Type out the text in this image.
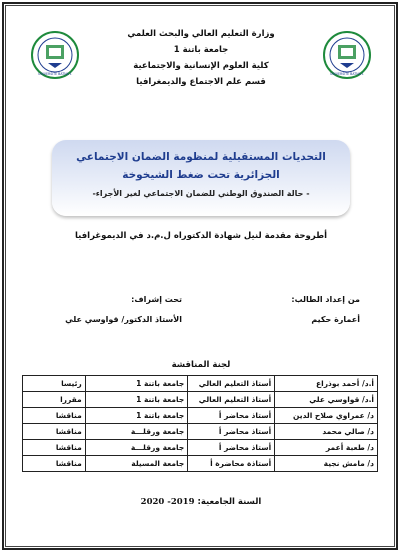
UNIVERSITE BATNA 1	UNIVERSITE BATNA 1
وزارة التعليم العالي والبحث العلمي
جامعة باتنة 1
كلية العلوم الإنسانية والاجتماعية
قسم علم الاجتماع والديمغرافيا
التحديات المستقبلية لمنظومة الضمان الاجتماعي
الجزائرية تحت ضغط الشيخوخة
- حالة الصندوق الوطني للضمان الاجتماعي لغير الأجراء-
أطروحة مقدمة لنيل شهادة الدكتوراه ل.م.د في الديموغرافيا
من إعداد الطالب:
أعمارة حكيم
تحت إشراف:
الأستاذ الدكتور/ قواوسي علي
لجنة المناقشة
أ.د/ أحمد بوذراع	أستاذ التعليم العالي	جامعة باتنة 1	رئيسا
أ.د/ قواوسي علي	أستاذ التعليم العالي	جامعة باتنة 1	مقررا
د/ عمراوي صلاح الدين	أستاذ محاضر أ	جامعة باتنة 1	مناقشا
د/ صالي محمد	أستاذ محاضر أ	جامعة ورقلـــة	مناقشا
د/ طعبة أعمر	أستاذ محاضر أ	جامعة ورقلـــة	مناقشا
د/ مامش نجية	أستاذة محاضرة أ	جامعة المسيلة	مناقشا
السنة الجامعية: 2019- 2020
